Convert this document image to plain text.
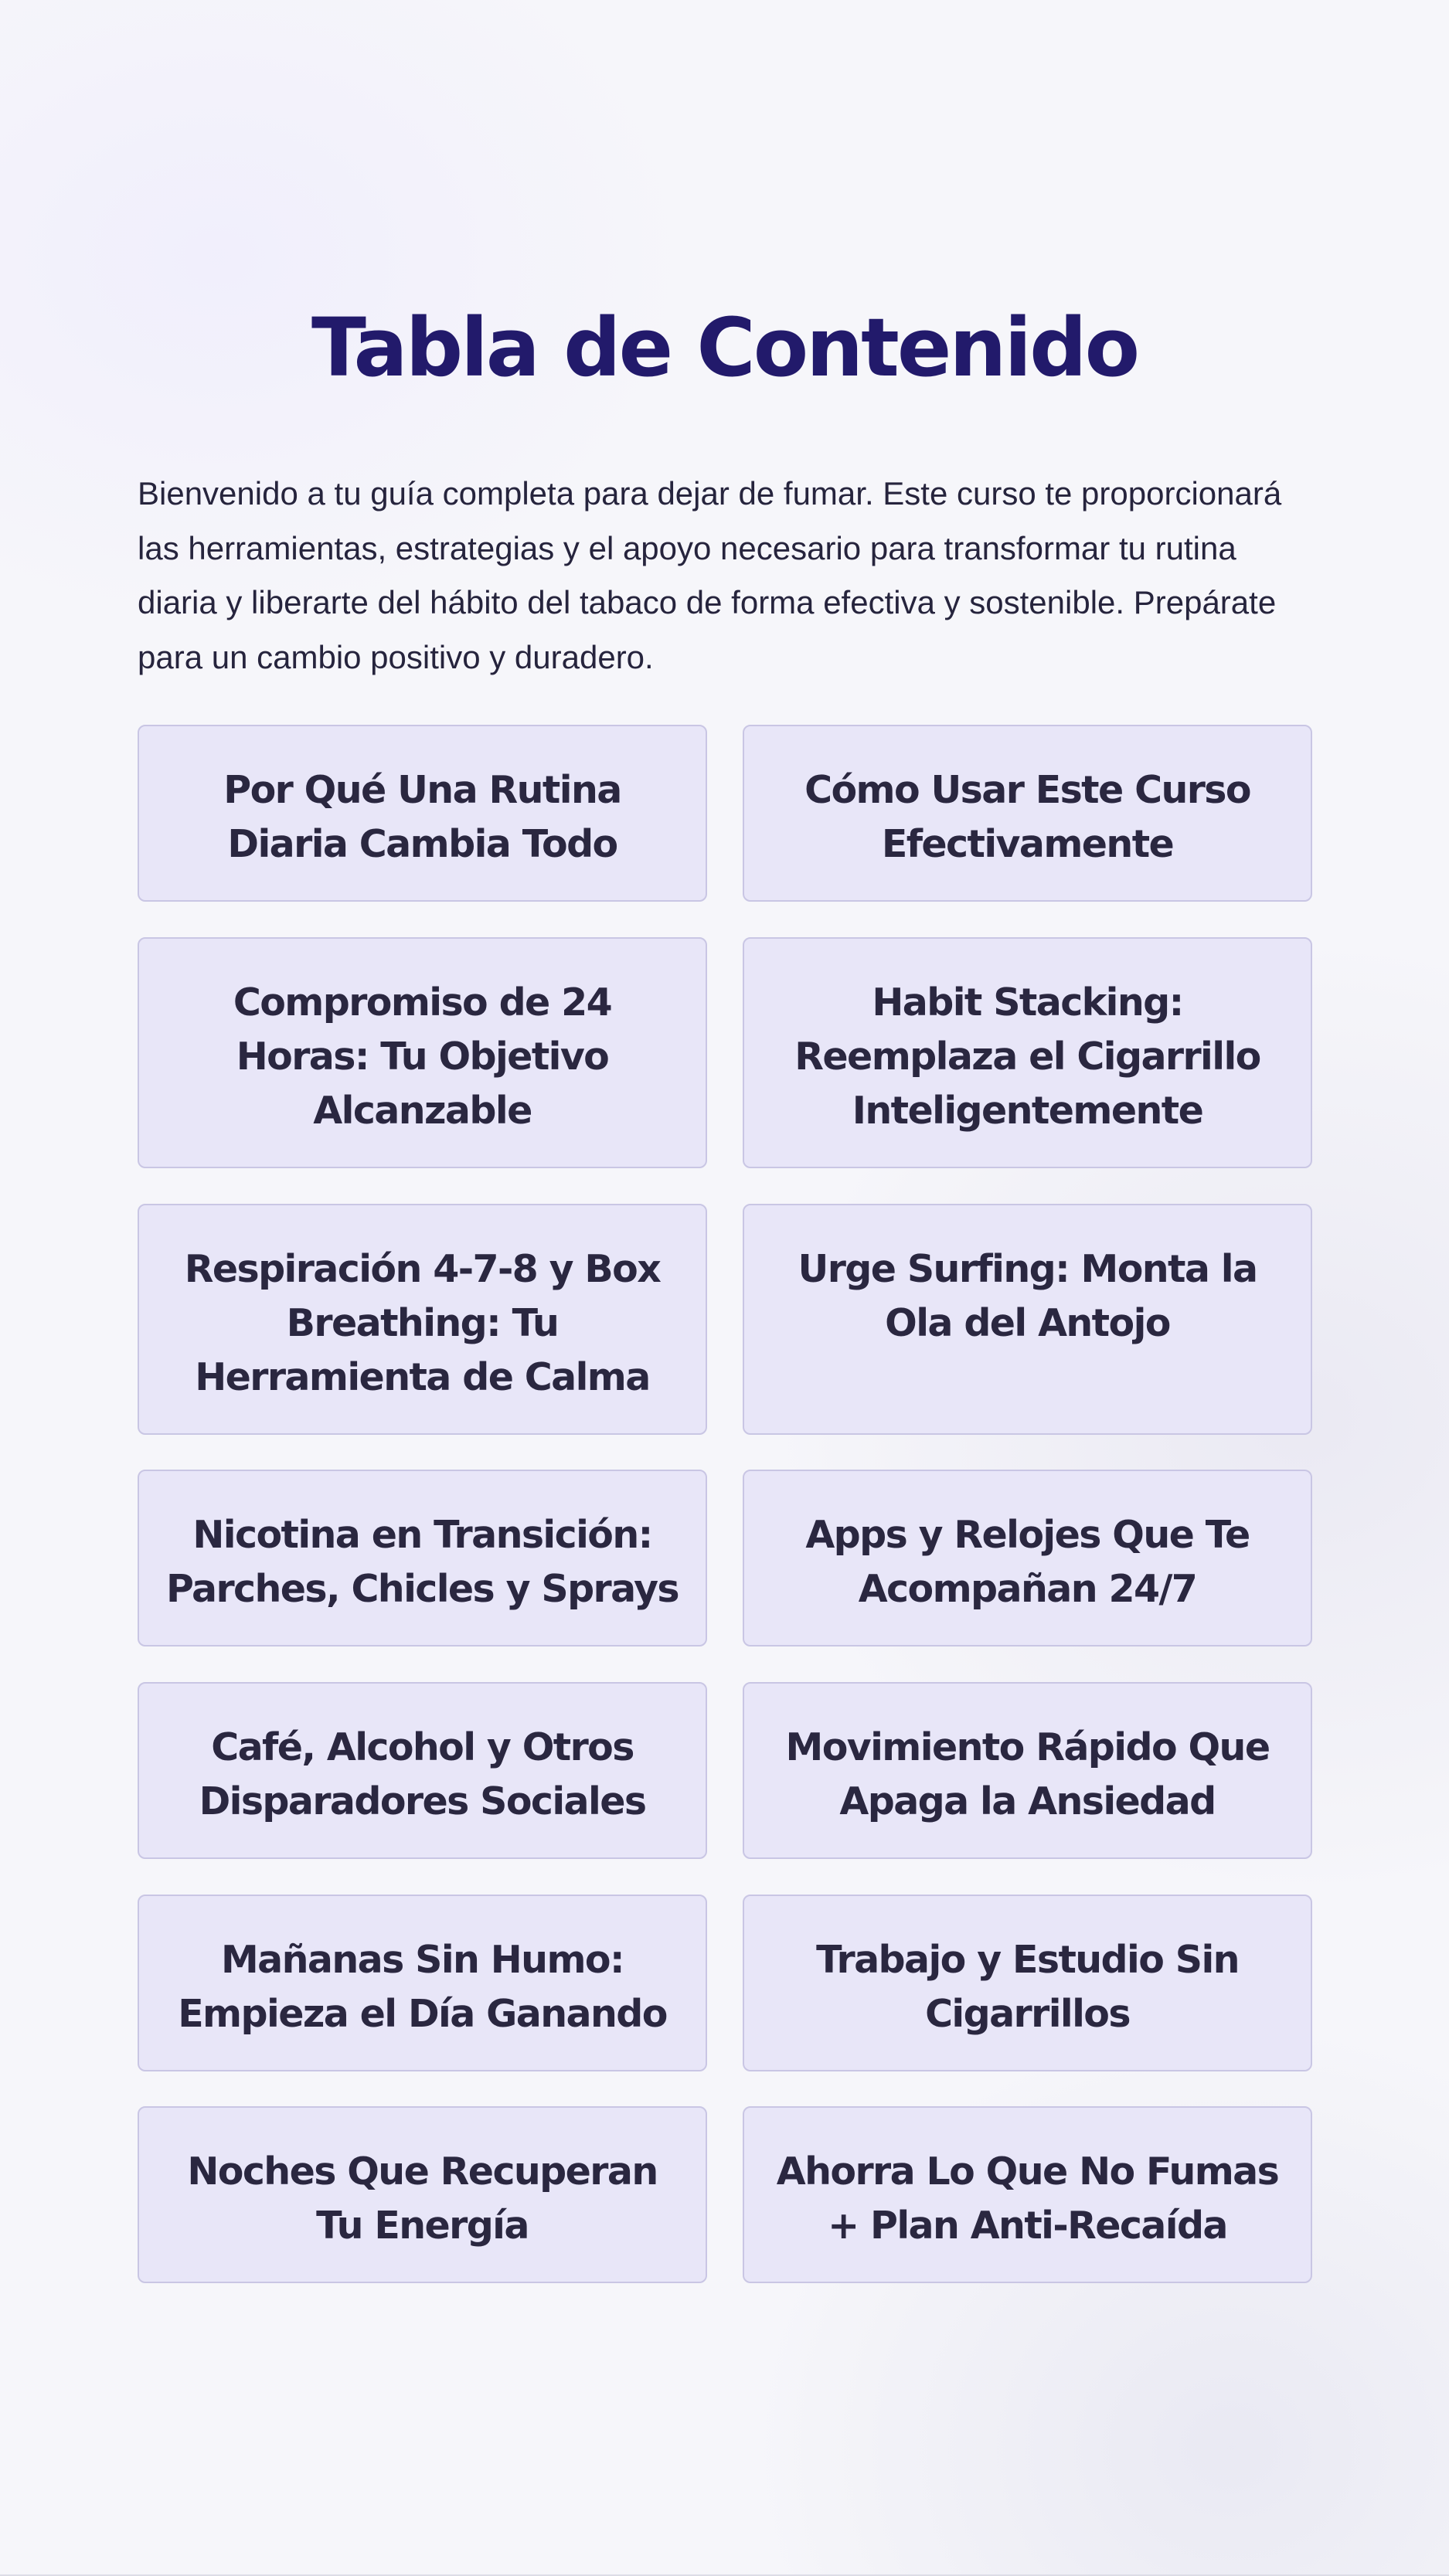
Tabla de Contenido

Bienvenido a tu guía completa para dejar de fumar. Este curso te proporcionará las herramientas, estrategias y el apoyo necesario para transformar tu rutina diaria y liberarte del hábito del tabaco de forma efectiva y sostenible. Prepárate para un cambio positivo y duradero.

Por Qué Una Rutina Diaria Cambia Todo
Cómo Usar Este Curso Efectivamente
Compromiso de 24 Horas: Tu Objetivo Alcanzable
Habit Stacking: Reemplaza el Cigarrillo Inteligentemente
Respiración 4-7-8 y Box Breathing: Tu Herramienta de Calma
Urge Surfing: Monta la Ola del Antojo
Nicotina en Transición: Parches, Chicles y Sprays
Apps y Relojes Que Te Acompañan 24/7
Café, Alcohol y Otros Disparadores Sociales
Movimiento Rápido Que Apaga la Ansiedad
Mañanas Sin Humo: Empieza el Día Ganando
Trabajo y Estudio Sin Cigarrillos
Noches Que Recuperan Tu Energía
Ahorra Lo Que No Fumas + Plan Anti-Recaída
